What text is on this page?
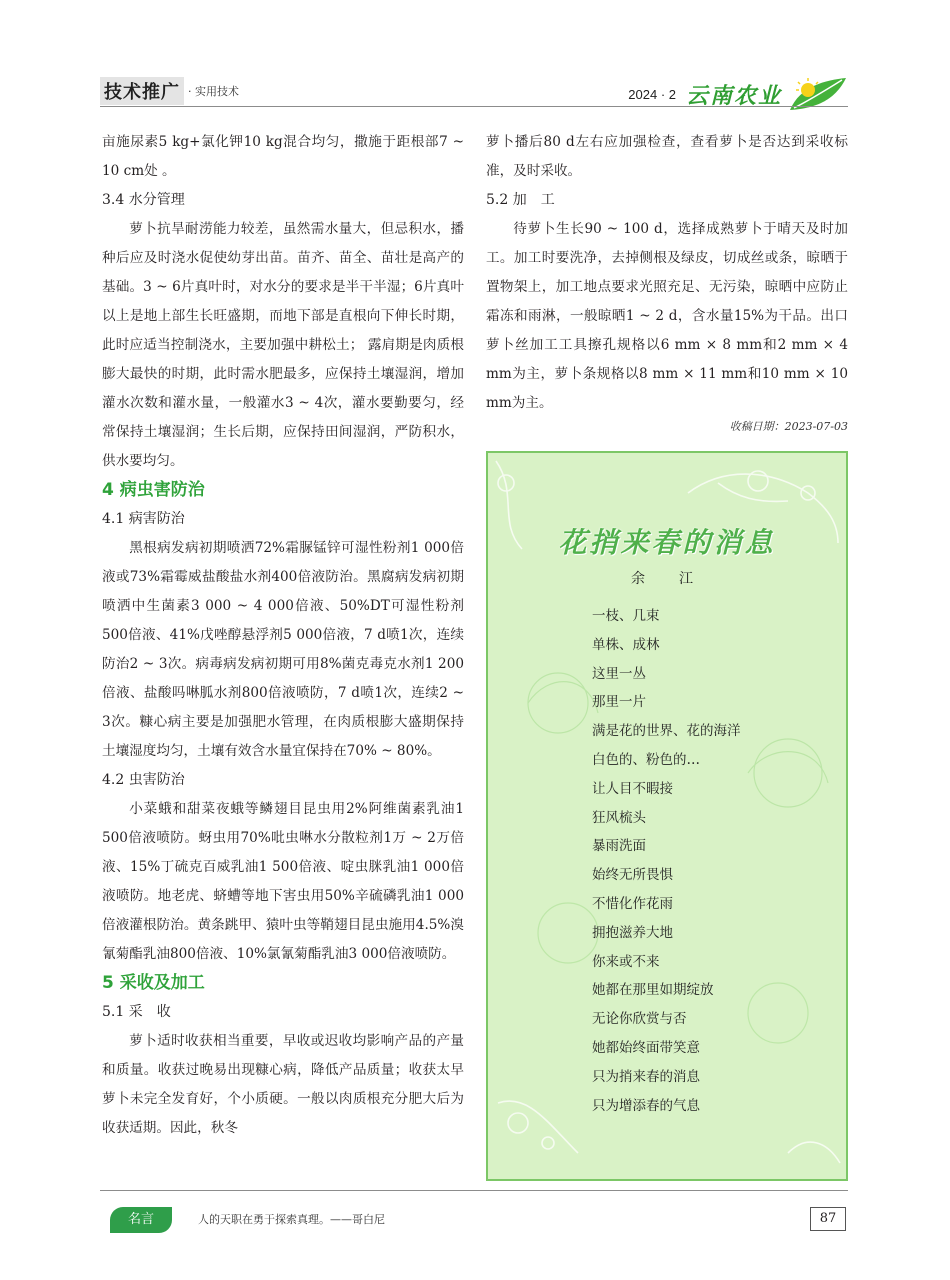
技术推广 · 实用技术	2024 · 2 云南农业

亩施尿素5 kg+氯化钾10 kg混合均匀，撒施于距根部7 ~ 10 cm处 。

3.4 水分管理

萝卜抗旱耐涝能力较差，虽然需水量大，但忌积水，播种后应及时浇水促使幼芽出苗。苗齐、苗全、苗壮是高产的基础。3 ~ 6片真叶时，对水分的要求是半干半湿；6片真叶以上是地上部生长旺盛期，而地下部是直根向下伸长时期，此时应适当控制浇水，主要加强中耕松土； 露肩期是肉质根膨大最快的时期，此时需水肥最多，应保持土壤湿润，增加灌水次数和灌水量，一般灌水3 ~ 4次，灌水要勤要匀，经常保持土壤湿润；生长后期，应保持田间湿润，严防积水，供水要均匀。

4 病虫害防治

4.1 病害防治

黑根病发病初期喷洒72%霜脲锰锌可湿性粉剂1 000倍液或73%霜霉威盐酸盐水剂400倍液防治。黑腐病发病初期喷洒中生菌素3 000 ~ 4 000倍液、50%DT可湿性粉剂500倍液、41%戊唑醇悬浮剂5 000倍液，7 d喷1次，连续防治2 ~ 3次。病毒病发病初期可用8%菌克毒克水剂1 200倍液、盐酸吗啉胍水剂800倍液喷防，7 d喷1次，连续2 ~ 3次。糠心病主要是加强肥水管理，在肉质根膨大盛期保持土壤湿度均匀，土壤有效含水量宜保持在70% ~ 80%。

4.2 虫害防治

小菜蛾和甜菜夜蛾等鳞翅目昆虫用2%阿维菌素乳油1 500倍液喷防。蚜虫用70%吡虫啉水分散粒剂1万 ~ 2万倍液、15%丁硫克百威乳油1 500倍液、啶虫脒乳油1 000倍液喷防。地老虎、蛴螬等地下害虫用50%辛硫磷乳油1 000倍液灌根防治。黄条跳甲、猿叶虫等鞘翅目昆虫施用4.5%溴氰菊酯乳油800倍液、10%氯氰菊酯乳油3 000倍液喷防。

5 采收及加工

5.1 采　收

萝卜适时收获相当重要，早收或迟收均影响产品的产量和质量。收获过晚易出现糠心病，降低产品质量；收获太早萝卜未完全发育好，个小质硬。一般以肉质根充分肥大后为收获适期。因此，秋冬

萝卜播后80 d左右应加强检查，查看萝卜是否达到采收标准，及时采收。

5.2 加　工

待萝卜生长90 ~ 100 d，选择成熟萝卜于晴天及时加工。加工时要洗净，去掉侧根及绿皮，切成丝或条，晾晒于置物架上，加工地点要求光照充足、无污染，晾晒中应防止霜冻和雨淋，一般晾晒1 ~ 2 d，含水量15%为干品。出口萝卜丝加工工具擦孔规格以6 mm × 8 mm和2 mm × 4 mm为主，萝卜条规格以8 mm × 11 mm和10 mm × 10 mm为主。

收稿日期：2023-07-03

花捎来春的消息
余　江
一枝、几束
单株、成林
这里一丛
那里一片
满是花的世界、花的海洋
白色的、粉色的…
让人目不暇接
狂风梳头
暴雨洗面
始终无所畏惧
不惜化作花雨
拥抱滋养大地
你来或不来
她都在那里如期绽放
无论你欣赏与否
她都始终面带笑意
只为捎来春的消息
只为增添春的气息
名言	人的天职在勇于探索真理。——哥白尼	87
